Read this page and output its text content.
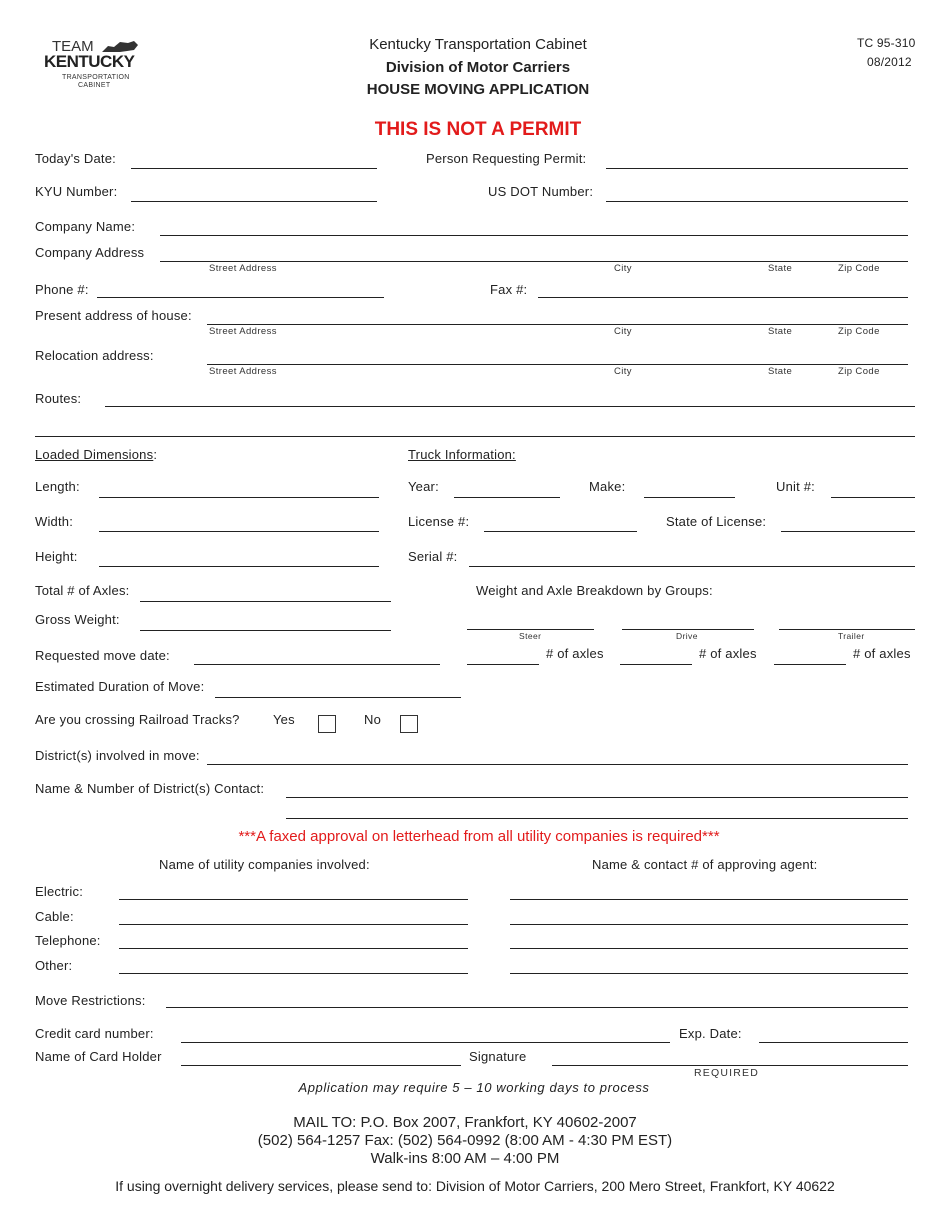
TEAM
KENTUCKY
TRANSPORTATION
CABINET
Kentucky Transportation Cabinet
Division of Motor Carriers
HOUSE MOVING APPLICATION
TC 95-310
08/2012
THIS IS NOT A PERMIT
Today's Date:	Person Requesting Permit:
KYU Number:	US DOT Number:
Company Name:
Company Address
Street Address	City	State	Zip Code
Phone #:	Fax #:
Present address of house:
Street Address	City	State	Zip Code
Relocation address:
Street Address	City	State	Zip Code
Routes:
Loaded Dimensions:
Length:
Width:
Height:
Total # of Axles:
Gross Weight:
Requested move date:
Estimated Duration of Move:
Truck Information:
Year:	Make:	Unit #:
License #:	State of License:
Serial #:
Weight and Axle Breakdown by Groups:
Steer	Drive	Trailer
# of axles	# of axles	# of axles
Are you crossing Railroad Tracks?	Yes	No
District(s) involved in move:
Name & Number of District(s) Contact:
***A faxed approval on letterhead from all utility companies is required***
Name of utility companies involved:	Name & contact # of approving agent:
Electric:
Cable:
Telephone:
Other:
Move Restrictions:
Credit card number:	Exp. Date:
Name of Card Holder	Signature
REQUIRED
Application may require 5 – 10 working days to process
MAIL TO: P.O. Box 2007, Frankfort, KY 40602-2007
(502) 564-1257 Fax: (502) 564-0992 (8:00 AM - 4:30 PM EST)
Walk-ins 8:00 AM – 4:00 PM
If using overnight delivery services, please send to: Division of Motor Carriers, 200 Mero Street, Frankfort, KY 40622
